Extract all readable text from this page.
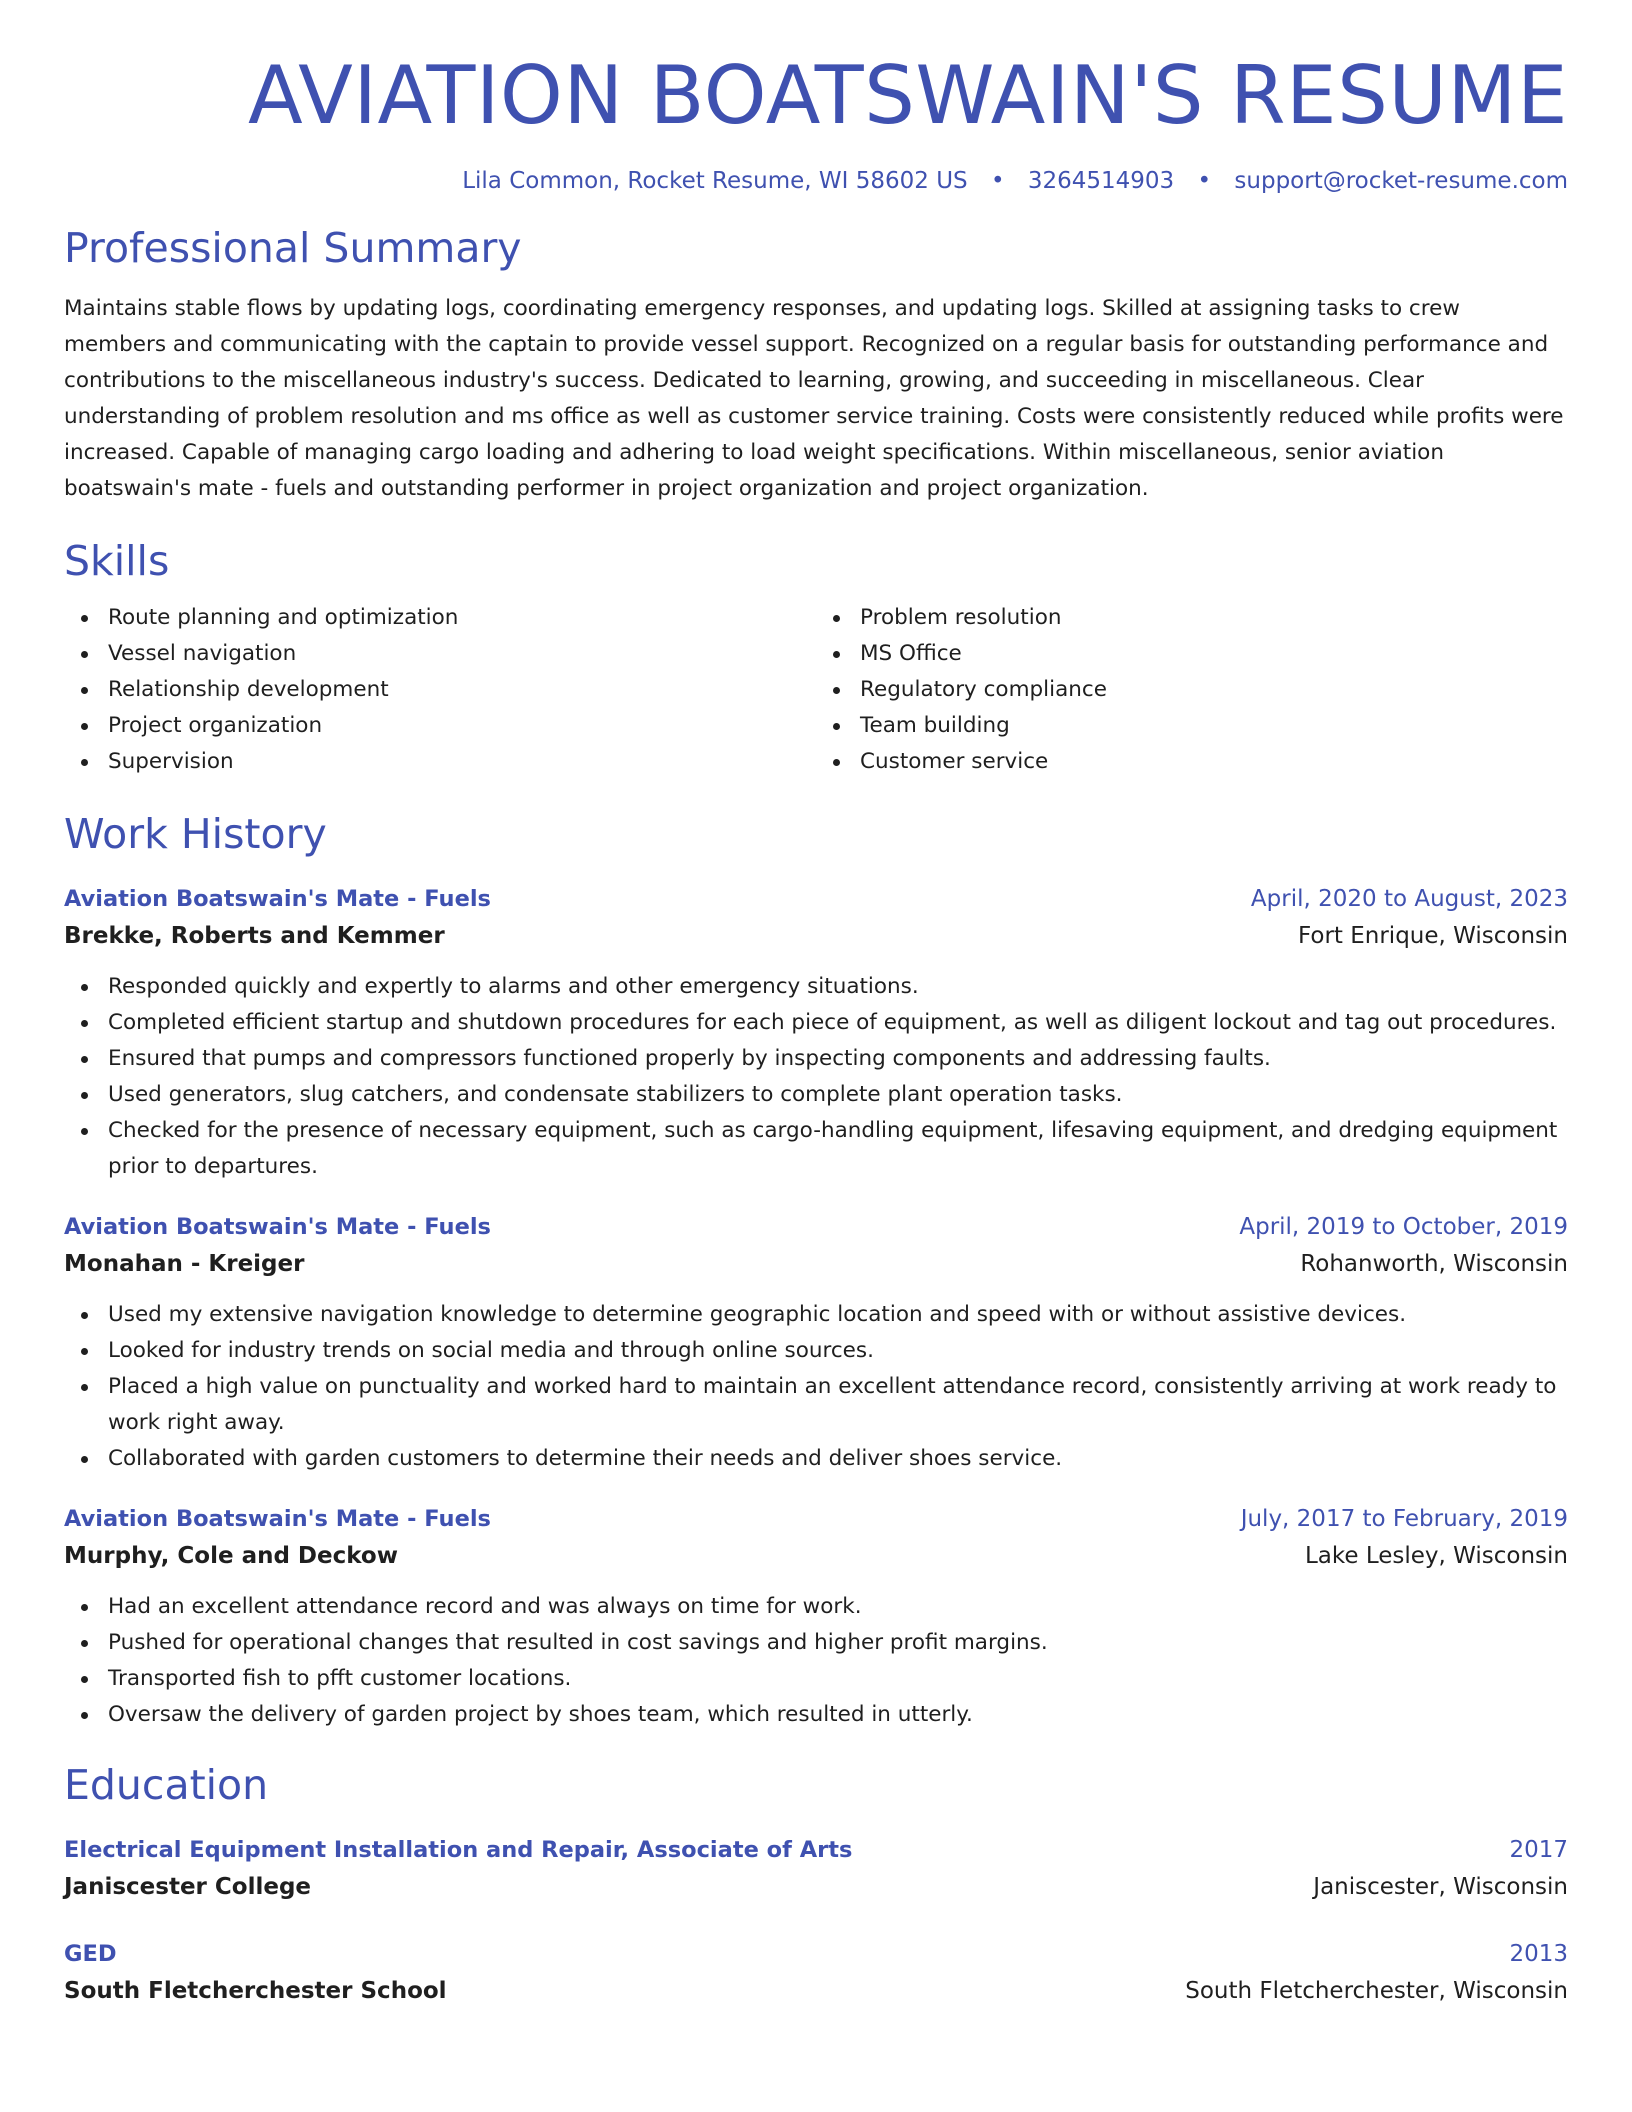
AVIATION BOATSWAIN'S RESUME
Lila Common, Rocket Resume, WI 58602 US • 3264514903 • support@rocket-resume.com
Professional Summary

Maintains stable flows by updating logs, coordinating emergency responses, and updating logs. Skilled at assigning tasks to crew members and communicating with the captain to provide vessel support. Recognized on a regular basis for outstanding performance and contributions to the miscellaneous industry's success. Dedicated to learning, growing, and succeeding in miscellaneous. Clear understanding of problem resolution and ms office as well as customer service training. Costs were consistently reduced while profits were increased. Capable of managing cargo loading and adhering to load weight specifications. Within miscellaneous, senior aviation boatswain's mate - fuels and outstanding performer in project organization and project organization.

Skills
Route planning and optimization
Vessel navigation
Relationship development
Project organization
Supervision
Problem resolution
MS Office
Regulatory compliance
Team building
Customer service
Work History
Aviation Boatswain's Mate - Fuels	April, 2020 to August, 2023
Brekke, Roberts and Kemmer	Fort Enrique, Wisconsin
Responded quickly and expertly to alarms and other emergency situations.
Completed efficient startup and shutdown procedures for each piece of equipment, as well as diligent lockout and tag out procedures.
Ensured that pumps and compressors functioned properly by inspecting components and addressing faults.
Used generators, slug catchers, and condensate stabilizers to complete plant operation tasks.
Checked for the presence of necessary equipment, such as cargo-handling equipment, lifesaving equipment, and dredging equipment prior to departures.
Aviation Boatswain's Mate - Fuels	April, 2019 to October, 2019
Monahan - Kreiger	Rohanworth, Wisconsin
Used my extensive navigation knowledge to determine geographic location and speed with or without assistive devices.
Looked for industry trends on social media and through online sources.
Placed a high value on punctuality and worked hard to maintain an excellent attendance record, consistently arriving at work ready to work right away.
Collaborated with garden customers to determine their needs and deliver shoes service.
Aviation Boatswain's Mate - Fuels	July, 2017 to February, 2019
Murphy, Cole and Deckow	Lake Lesley, Wisconsin
Had an excellent attendance record and was always on time for work.
Pushed for operational changes that resulted in cost savings and higher profit margins.
Transported fish to pfft customer locations.
Oversaw the delivery of garden project by shoes team, which resulted in utterly.
Education
Electrical Equipment Installation and Repair, Associate of Arts	2017
Janiscester College	Janiscester, Wisconsin
GED	2013
South Fletcherchester School	South Fletcherchester, Wisconsin
